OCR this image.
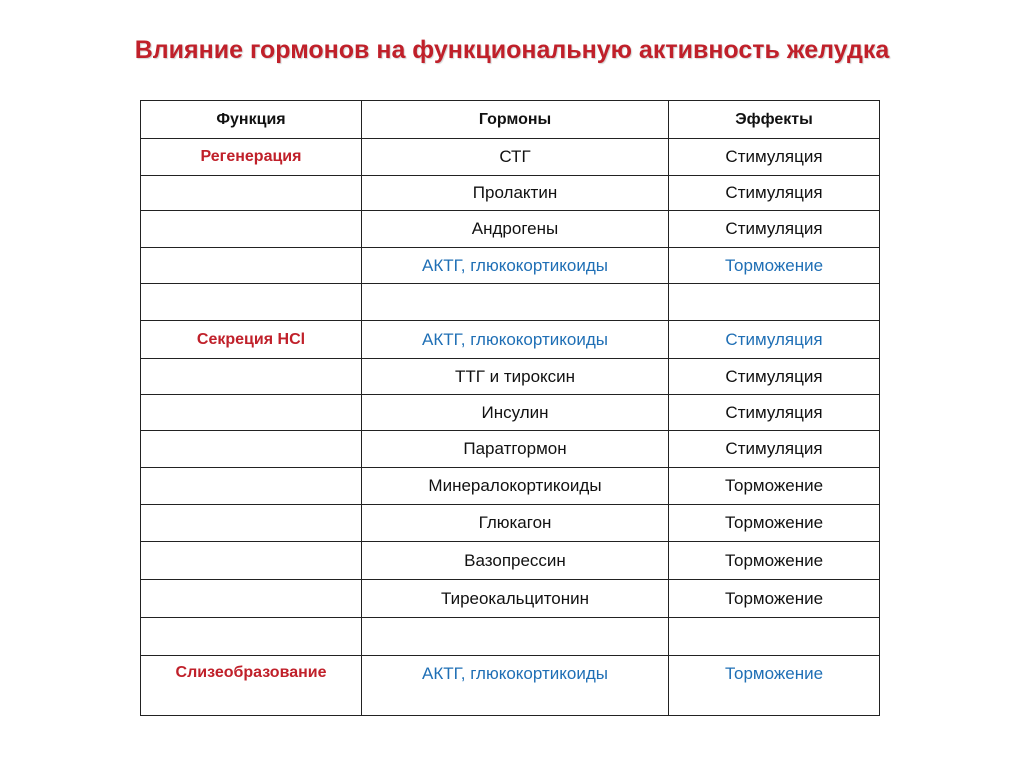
Влияние гормонов на функциональную активность желудка
Функция	Гормоны	Эффекты
Регенерация	СТГ	Стимуляция
	Пролактин	Стимуляция
	Андрогены	Стимуляция
	АКТГ, глюкокортикоиды	Торможение

Секреция HCl	АКТГ, глюкокортикоиды	Стимуляция
	ТТГ и тироксин	Стимуляция
	Инсулин	Стимуляция
	Паратгормон	Стимуляция
	Минералокортикоиды	Торможение
	Глюкагон	Торможение
	Вазопрессин	Торможение
	Тиреокальцитонин	Торможение

Слизеобразование	АКТГ, глюкокортикоиды	Торможение
